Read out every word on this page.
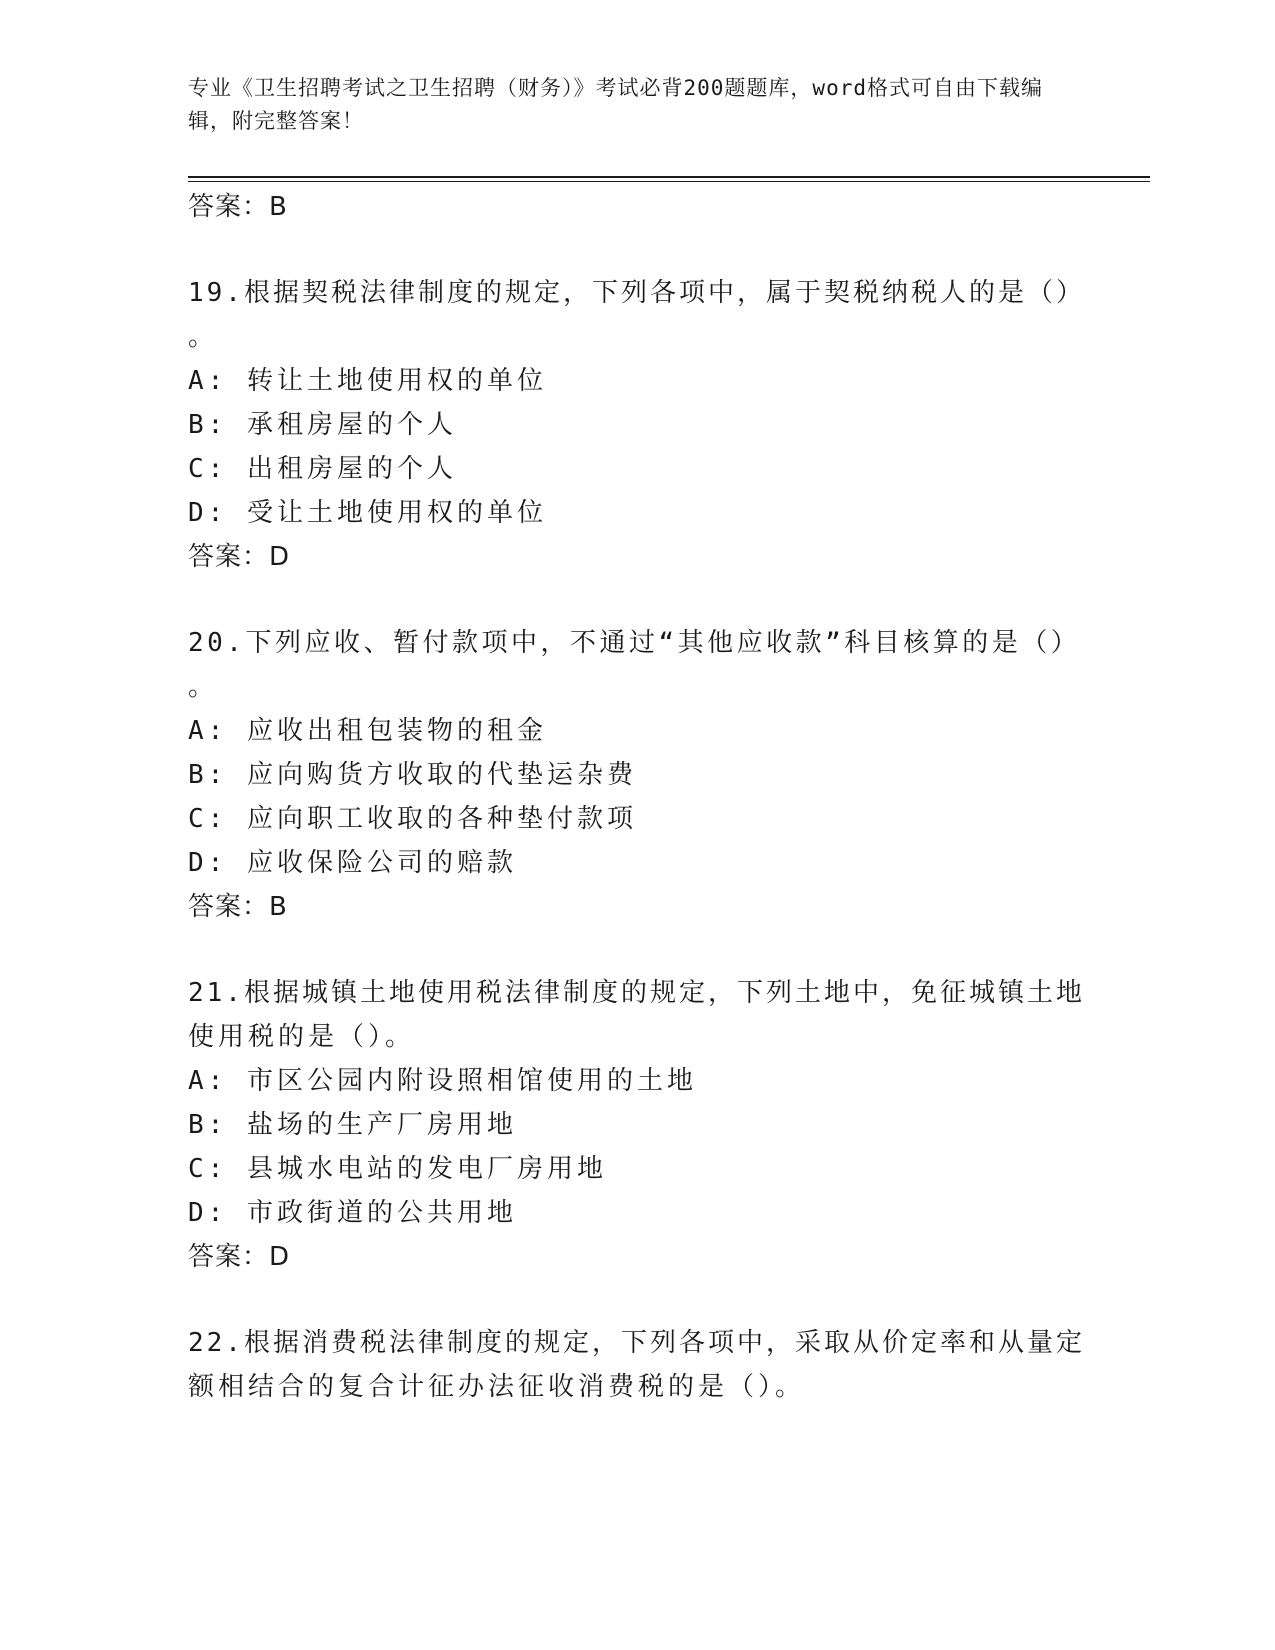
专业《卫生招聘考试之卫生招聘（财务）》考试必背200题题库，word格式可自由下载编辑，附完整答案！
答案：B
19.根据契税法律制度的规定，下列各项中，属于契税纳税人的是（）
。
A: 转让土地使用权的单位
B: 承租房屋的个人
C: 出租房屋的个人
D: 受让土地使用权的单位
答案：D
20.下列应收、暂付款项中，不通过“其他应收款”科目核算的是（）
。
A: 应收出租包装物的租金
B: 应向购货方收取的代垫运杂费
C: 应向职工收取的各种垫付款项
D: 应收保险公司的赔款
答案：B
21.根据城镇土地使用税法律制度的规定，下列土地中，免征城镇土地
使用税的是（）。
A: 市区公园内附设照相馆使用的土地
B: 盐场的生产厂房用地
C: 县城水电站的发电厂房用地
D: 市政街道的公共用地
答案：D
22.根据消费税法律制度的规定，下列各项中，采取从价定率和从量定
额相结合的复合计征办法征收消费税的是（）。
